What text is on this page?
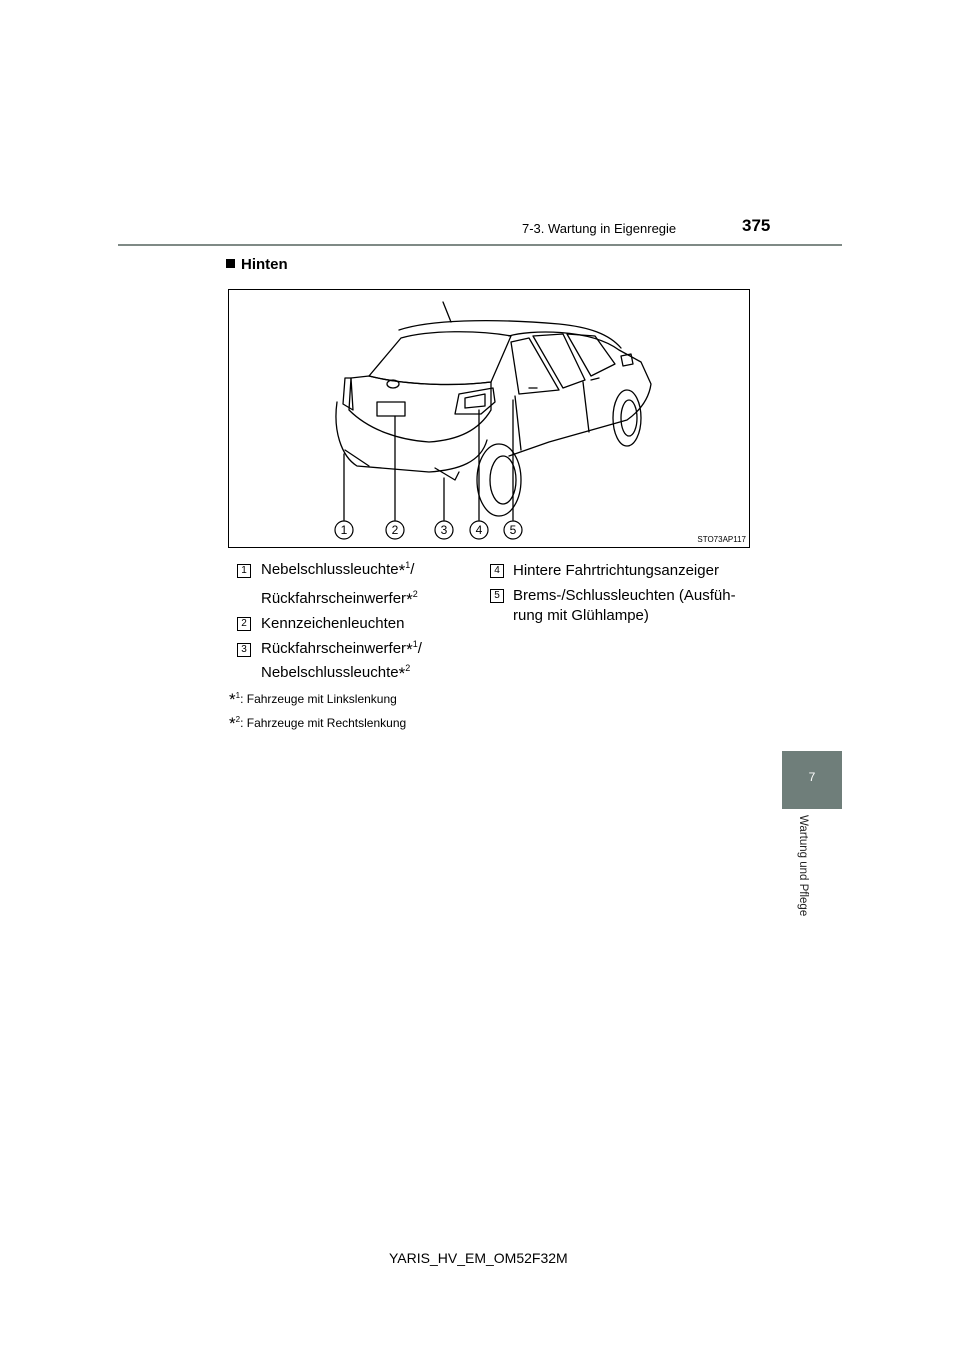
7-3. Wartung in Eigenregie	375
7
Wartung und Pflege
Hinten
1	2	3 4 5
STO73AP117
1 Nebelschlussleuchte*$^1$/
Rückfahrscheinwerfer*$^2$
2 Kennzeichenleuchten
3 Rückfahrscheinwerfer*$^1$/
Nebelschlussleuchte*$^2$
4 Hintere Fahrtrichtungsanzeiger
5 Brems-/Schlussleuchten (Ausfüh-
rung mit Glühlampe)
*$^1$: Fahrzeuge mit Linkslenkung
*$^2$: Fahrzeuge mit Rechtslenkung
YARIS_HV_EM_OM52F32M
